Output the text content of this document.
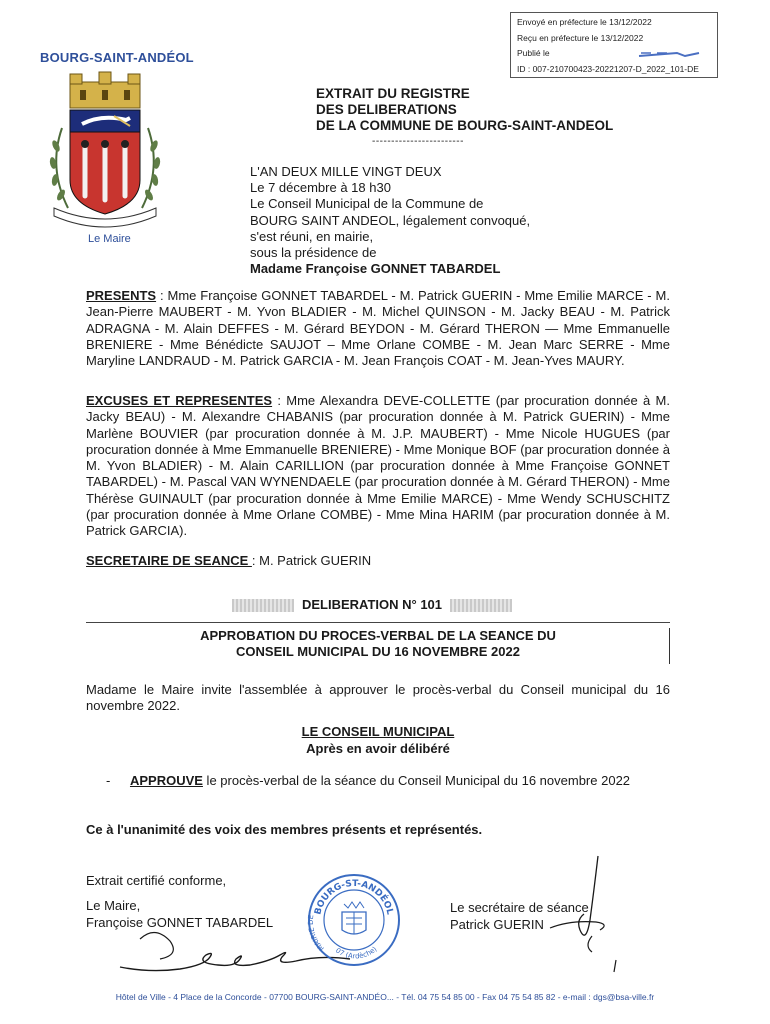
Envoyé en préfecture le 13/12/2022
Reçu en préfecture le 13/12/2022
Publié le
ID : 007-210700423-20221207-D_2022_101-DE
BOURG-SAINT-ANDÉOL
Le Maire
EXTRAIT DU REGISTRE
DES DELIBERATIONS
DE LA COMMUNE DE BOURG-SAINT-ANDEOL
------------------------
L'AN DEUX MILLE VINGT DEUX
Le 7 décembre à 18 h30
Le Conseil Municipal de la Commune de
BOURG SAINT ANDEOL, légalement convoqué,
s'est réuni, en mairie,
sous la présidence de
Madame Françoise GONNET TABARDEL
PRESENTS : Mme Françoise GONNET TABARDEL - M. Patrick GUERIN - Mme Emilie MARCE - M. Jean-Pierre MAUBERT - M. Yvon BLADIER - M. Michel QUINSON - M. Jacky BEAU - M. Patrick ADRAGNA - M. Alain DEFFES - M. Gérard BEYDON - M. Gérard THERON — Mme Emmanuelle BRENIERE - Mme Bénédicte SAUJOT – Mme Orlane COMBE - M. Jean Marc SERRE - Mme Maryline LANDRAUD - M. Patrick GARCIA - M. Jean François COAT - M. Jean-Yves MAURY.
EXCUSES ET REPRESENTES : Mme Alexandra DEVE-COLLETTE (par procuration donnée à M. Jacky BEAU) - M. Alexandre CHABANIS (par procuration donnée à M. Patrick GUERIN) - Mme Marlène BOUVIER (par procuration donnée à M. J.P. MAUBERT) - Mme Nicole HUGUES (par procuration donnée à Mme Emmanuelle BRENIERE) - Mme Monique BOF (par procuration donnée à M. Yvon BLADIER) - M. Alain CARILLION (par procuration donnée à Mme Françoise GONNET TABARDEL) - M. Pascal VAN WYNENDAELE (par procuration donnée à M. Gérard THERON) - Mme Thérèse GUINAULT (par procuration donnée à Mme Emilie MARCE) - Mme Wendy SCHUSCHITZ (par procuration donnée à Mme Orlane COMBE) - Mme Mina HARIM (par procuration donnée à M. Patrick GARCIA).
SECRETAIRE DE SEANCE : M. Patrick GUERIN
DELIBERATION N° 101
APPROBATION DU PROCES-VERBAL DE LA SEANCE DU
CONSEIL MUNICIPAL DU 16 NOVEMBRE 2022
Madame le Maire invite l'assemblée à approuver le procès-verbal du Conseil municipal du 16 novembre 2022.
LE CONSEIL MUNICIPAL
Après en avoir délibéré
- APPROUVE le procès-verbal de la séance du Conseil Municipal du 16 novembre 2022
Ce à l'unanimité des voix des membres présents et représentés.
Extrait certifié conforme,
Le Maire,
Françoise GONNET TABARDEL
BOURG-ST-ANDÉOL
MAIRIE DE
07 (Ardèche)
Le secrétaire de séance
Patrick GUERIN
Hôtel de Ville - 4 Place de la Concorde - 07700 BOURG-SAINT-ANDÉO... - Tél. 04 75 54 85 00 - Fax 04 75 54 85 82 - e-mail : dgs@bsa-ville.fr
